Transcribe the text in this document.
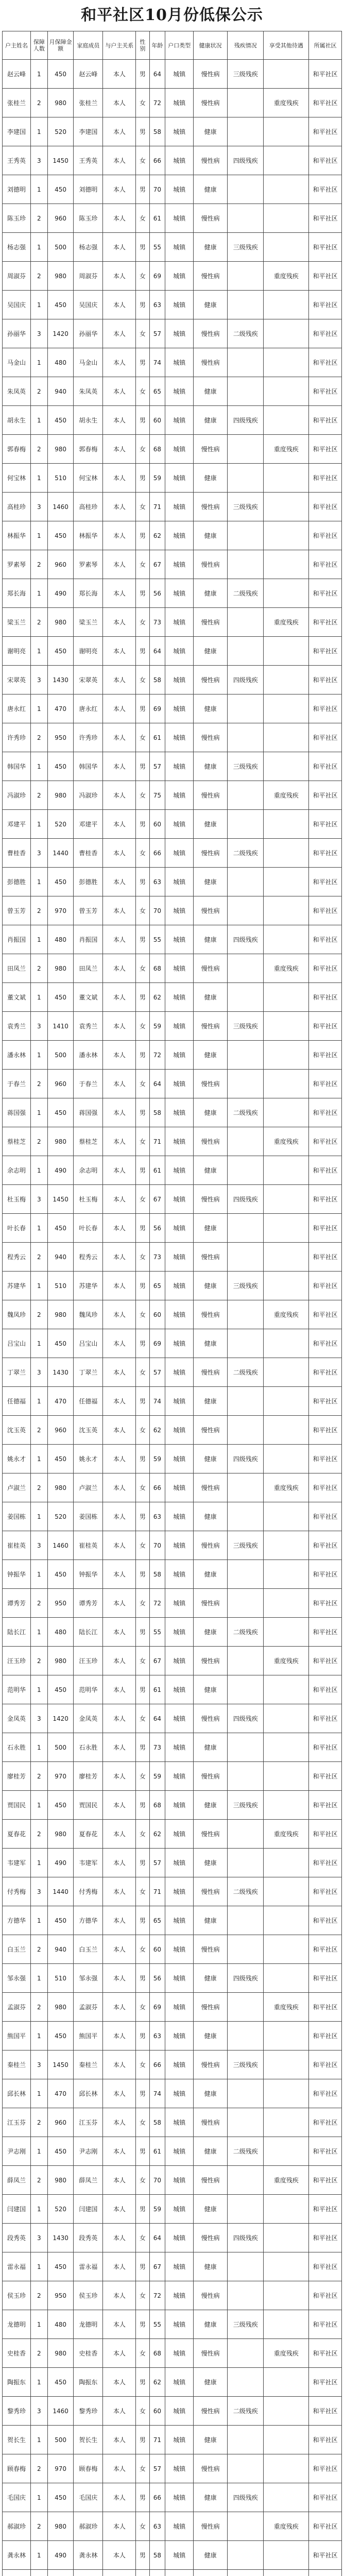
和平社区10月份低保公示
户主姓名	保障人数	月保障金额	家庭成员	与户主关系	性别	年龄	户口类型	健康状况	残疾情况	享受其他待遇	所属社区
赵云峰	1	450	赵云峰	本人	男	64	城镇	慢性病	三级残疾		和平社区
张桂兰	2	980	张桂兰	本人	女	72	城镇	慢性病		重度残疾	和平社区
李建国	1	520	李建国	本人	男	58	城镇	健康			和平社区
王秀英	3	1450	王秀英	本人	女	66	城镇	慢性病	四级残疾		和平社区
刘德明	1	450	刘德明	本人	男	70	城镇	健康			和平社区
陈玉珍	2	960	陈玉珍	本人	女	61	城镇	慢性病			和平社区
杨志强	1	500	杨志强	本人	男	55	城镇	健康	三级残疾		和平社区
周淑芬	2	980	周淑芬	本人	女	69	城镇	慢性病		重度残疾	和平社区
吴国庆	1	450	吴国庆	本人	男	63	城镇	健康			和平社区
孙丽华	3	1420	孙丽华	本人	女	57	城镇	慢性病	二级残疾		和平社区
马金山	1	480	马金山	本人	男	74	城镇	慢性病			和平社区
朱凤英	2	940	朱凤英	本人	女	65	城镇	健康			和平社区
胡永生	1	450	胡永生	本人	男	60	城镇	健康	四级残疾		和平社区
郭春梅	2	980	郭春梅	本人	女	68	城镇	慢性病		重度残疾	和平社区
何宝林	1	510	何宝林	本人	男	59	城镇	健康			和平社区
高桂珍	3	1460	高桂珍	本人	女	71	城镇	慢性病	三级残疾		和平社区
林振华	1	450	林振华	本人	男	62	城镇	健康			和平社区
罗素琴	2	960	罗素琴	本人	女	67	城镇	慢性病			和平社区
郑长海	1	490	郑长海	本人	男	56	城镇	健康	二级残疾		和平社区
梁玉兰	2	980	梁玉兰	本人	女	73	城镇	慢性病		重度残疾	和平社区
谢明亮	1	450	谢明亮	本人	男	64	城镇	健康			和平社区
宋翠英	3	1430	宋翠英	本人	女	58	城镇	慢性病	四级残疾		和平社区
唐永红	1	470	唐永红	本人	男	69	城镇	健康			和平社区
许秀珍	2	950	许秀珍	本人	女	61	城镇	慢性病			和平社区
韩国华	1	450	韩国华	本人	男	57	城镇	健康	三级残疾		和平社区
冯淑珍	2	980	冯淑珍	本人	女	75	城镇	慢性病		重度残疾	和平社区
邓建平	1	520	邓建平	本人	男	60	城镇	健康			和平社区
曹桂香	3	1440	曹桂香	本人	女	66	城镇	慢性病	二级残疾		和平社区
彭德胜	1	450	彭德胜	本人	男	63	城镇	健康			和平社区
曾玉芳	2	970	曾玉芳	本人	女	70	城镇	慢性病			和平社区
肖振国	1	480	肖振国	本人	男	55	城镇	健康	四级残疾		和平社区
田凤兰	2	980	田凤兰	本人	女	68	城镇	慢性病		重度残疾	和平社区
董文斌	1	450	董文斌	本人	男	62	城镇	健康			和平社区
袁秀兰	3	1410	袁秀兰	本人	女	59	城镇	慢性病	三级残疾		和平社区
潘永林	1	500	潘永林	本人	男	72	城镇	健康			和平社区
于春兰	2	960	于春兰	本人	女	64	城镇	慢性病			和平社区
蒋国强	1	450	蒋国强	本人	男	58	城镇	健康	二级残疾		和平社区
蔡桂芝	2	980	蔡桂芝	本人	女	71	城镇	慢性病		重度残疾	和平社区
余志明	1	490	余志明	本人	男	61	城镇	健康			和平社区
杜玉梅	3	1450	杜玉梅	本人	女	67	城镇	慢性病	四级残疾		和平社区
叶长春	1	450	叶长春	本人	男	56	城镇	健康			和平社区
程秀云	2	940	程秀云	本人	女	73	城镇	慢性病			和平社区
苏建华	1	510	苏建华	本人	男	65	城镇	健康	三级残疾		和平社区
魏凤珍	2	980	魏凤珍	本人	女	60	城镇	慢性病		重度残疾	和平社区
吕宝山	1	450	吕宝山	本人	男	69	城镇	健康			和平社区
丁翠兰	3	1430	丁翠兰	本人	女	57	城镇	慢性病	二级残疾		和平社区
任德福	1	470	任德福	本人	男	74	城镇	健康			和平社区
沈玉英	2	960	沈玉英	本人	女	62	城镇	慢性病			和平社区
姚永才	1	450	姚永才	本人	男	59	城镇	健康	四级残疾		和平社区
卢淑兰	2	980	卢淑兰	本人	女	66	城镇	慢性病		重度残疾	和平社区
姜国栋	1	520	姜国栋	本人	男	63	城镇	健康			和平社区
崔桂英	3	1460	崔桂英	本人	女	70	城镇	慢性病	三级残疾		和平社区
钟振华	1	450	钟振华	本人	男	58	城镇	健康			和平社区
谭秀芳	2	950	谭秀芳	本人	女	72	城镇	慢性病			和平社区
陆长江	1	480	陆长江	本人	男	55	城镇	健康	二级残疾		和平社区
汪玉珍	2	980	汪玉珍	本人	女	67	城镇	慢性病		重度残疾	和平社区
范明华	1	450	范明华	本人	男	61	城镇	健康			和平社区
金凤英	3	1420	金凤英	本人	女	64	城镇	慢性病	四级残疾		和平社区
石永胜	1	500	石永胜	本人	男	73	城镇	健康			和平社区
廖桂芳	2	970	廖桂芳	本人	女	59	城镇	慢性病			和平社区
贾国民	1	450	贾国民	本人	男	68	城镇	健康	三级残疾		和平社区
夏春花	2	980	夏春花	本人	女	62	城镇	慢性病		重度残疾	和平社区
韦建军	1	490	韦建军	本人	男	57	城镇	健康			和平社区
付秀梅	3	1440	付秀梅	本人	女	71	城镇	慢性病	二级残疾		和平社区
方德华	1	450	方德华	本人	男	65	城镇	健康			和平社区
白玉兰	2	940	白玉兰	本人	女	60	城镇	慢性病			和平社区
邹永强	1	510	邹永强	本人	男	56	城镇	健康	四级残疾		和平社区
孟淑芬	2	980	孟淑芬	本人	女	69	城镇	慢性病		重度残疾	和平社区
熊国平	1	450	熊国平	本人	男	63	城镇	健康			和平社区
秦桂兰	3	1450	秦桂兰	本人	女	66	城镇	慢性病	三级残疾		和平社区
邱长林	1	470	邱长林	本人	男	74	城镇	健康			和平社区
江玉芬	2	960	江玉芬	本人	女	58	城镇	慢性病			和平社区
尹志刚	1	450	尹志刚	本人	男	61	城镇	健康	二级残疾		和平社区
薛凤兰	2	980	薛凤兰	本人	女	70	城镇	慢性病		重度残疾	和平社区
闫建国	1	520	闫建国	本人	男	59	城镇	健康			和平社区
段秀英	3	1430	段秀英	本人	女	64	城镇	慢性病	四级残疾		和平社区
雷永福	1	450	雷永福	本人	男	67	城镇	健康			和平社区
侯玉珍	2	950	侯玉珍	本人	女	72	城镇	慢性病			和平社区
龙德明	1	480	龙德明	本人	男	55	城镇	健康	三级残疾		和平社区
史桂香	2	980	史桂香	本人	女	68	城镇	慢性病		重度残疾	和平社区
陶振东	1	450	陶振东	本人	男	62	城镇	健康			和平社区
黎秀珍	3	1460	黎秀珍	本人	女	60	城镇	慢性病	二级残疾		和平社区
贺长生	1	500	贺长生	本人	男	71	城镇	健康			和平社区
顾春梅	2	970	顾春梅	本人	女	57	城镇	慢性病			和平社区
毛国庆	1	450	毛国庆	本人	男	66	城镇	健康	四级残疾		和平社区
郝淑珍	2	980	郝淑珍	本人	女	63	城镇	慢性病		重度残疾	和平社区
龚永林	1	490	龚永林	本人	男	58	城镇	健康			和平社区
